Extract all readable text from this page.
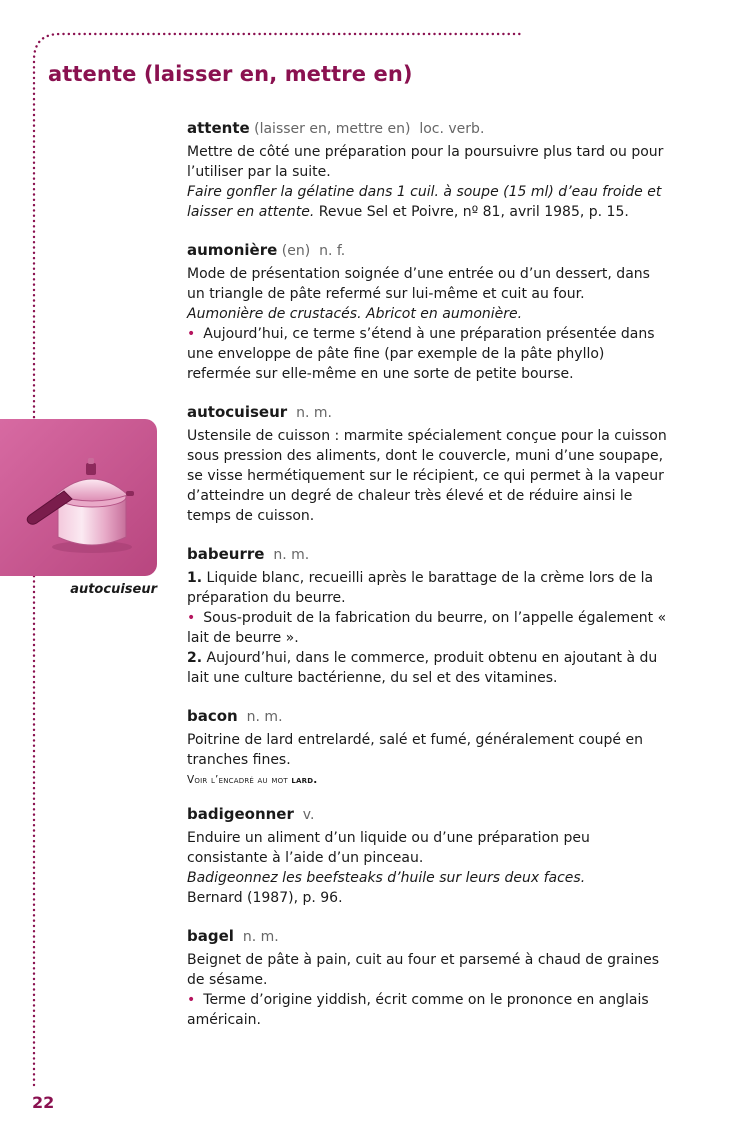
attente (laisser en, mettre en)
autocuiseur
attente (laisser en, mettre en) loc. verb.

Mettre de côté une préparation pour la poursuivre plus tard ou pour l’utiliser par la suite.

Faire gonfler la gélatine dans 1 cuil. à soupe (15 ml) d’eau froide et laisser en attente. Revue Sel et Poivre, nº 81, avril 1985, p. 15.

aumonière (en) n. f.

Mode de présentation soignée d’une entrée ou d’un dessert, dans un triangle de pâte refermé sur lui-même et cuit au four.

Aumonière de crustacés. Abricot en aumonière.

• Aujourd’hui, ce terme s’étend à une préparation présentée dans une enveloppe de pâte fine (par exemple de la pâte phyllo) refermée sur elle-même en une sorte de petite bourse.

autocuiseur n. m.

Ustensile de cuisson : marmite spécialement conçue pour la cuisson sous pression des aliments, dont le couvercle, muni d’une soupape, se visse hermétiquement sur le récipient, ce qui permet à la vapeur d’atteindre un degré de chaleur très élevé et de réduire ainsi le temps de cuisson.

babeurre n. m.

1. Liquide blanc, recueilli après le barattage de la crème lors de la préparation du beurre.

• Sous-produit de la fabrication du beurre, on l’appelle également « lait de beurre ».

2. Aujourd’hui, dans le commerce, produit obtenu en ajoutant à du lait une culture bactérienne, du sel et des vitamines.

bacon n. m.

Poitrine de lard entrelardé, salé et fumé, généralement coupé en tranches fines.

Voir l’encadré au mot lard.
badigeonner v.

Enduire un aliment d’un liquide ou d’une préparation peu consistante à l’aide d’un pinceau.

Badigeonnez les beefsteaks d’huile sur leurs deux faces.

Bernard (1987), p. 96.

bagel n. m.

Beignet de pâte à pain, cuit au four et parsemé à chaud de graines de sésame.

• Terme d’origine yiddish, écrit comme on le prononce en anglais américain.

22
